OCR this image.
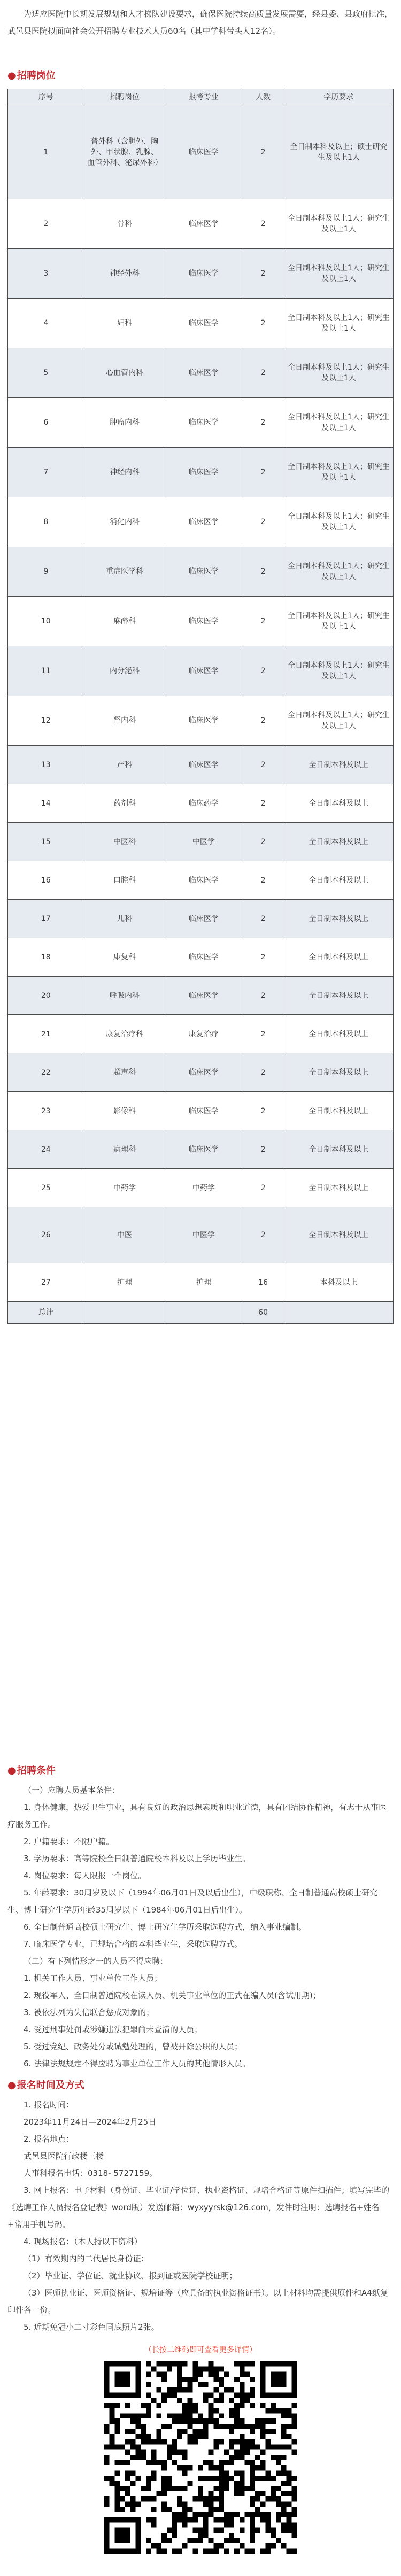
为适应医院中长期发展规划和人才梯队建设要求，确保医院持续高质量发展需要，经县委、县政府批准，武邑县医院拟面向社会公开招聘专业技术人员60名（其中学科带头人12名）。
● 招聘岗位
序号	招聘岗位	报考专业	人数	学历要求
1	普外科（含胆外、胸外、甲状腺、乳腺、血管外科、泌尿外科）	临床医学	2	全日制本科及以上；硕士研究生及以上1人
2	骨科	临床医学	2	全日制本科及以上1人；研究生及以上1人
3	神经外科	临床医学	2	全日制本科及以上1人；研究生及以上1人
4	妇科	临床医学	2	全日制本科及以上1人；研究生及以上1人
5	心血管内科	临床医学	2	全日制本科及以上1人；研究生及以上1人
6	肿瘤内科	临床医学	2	全日制本科及以上1人；研究生及以上1人
7	神经内科	临床医学	2	全日制本科及以上1人；研究生及以上1人
8	消化内科	临床医学	2	全日制本科及以上1人；研究生及以上1人
9	重症医学科	临床医学	2	全日制本科及以上1人；研究生及以上1人
10	麻醉科	临床医学	2	全日制本科及以上1人；研究生及以上1人
11	内分泌科	临床医学	2	全日制本科及以上1人；研究生及以上1人
12	肾内科	临床医学	2	全日制本科及以上1人；研究生及以上1人
13	产科	临床医学	2	全日制本科及以上
14	药剂科	临床药学	2	全日制本科及以上
15	中医科	中医学	2	全日制本科及以上
16	口腔科	临床医学	2	全日制本科及以上
17	儿科	临床医学	2	全日制本科及以上
18	康复科	临床医学	2	全日制本科及以上
20	呼吸内科	临床医学	2	全日制本科及以上
21	康复治疗科	康复治疗	2	全日制本科及以上
22	超声科	临床医学	2	全日制本科及以上
23	影像科	临床医学	2	全日制本科及以上
24	病理科	临床医学	2	全日制本科及以上
25	中药学	中药学	2	全日制本科及以上
26	中医	中医学	2	全日制本科及以上
27	护理	护理	16	本科及以上
总计			60	
● 招聘条件

（一）应聘人员基本条件：

1. 身体健康，热爱卫生事业，具有良好的政治思想素质和职业道德，具有团结协作精神，有志于从事医疗服务工作。

2. 户籍要求：不限户籍。

3. 学历要求：高等院校全日制普通院校本科及以上学历毕业生。

4. 岗位要求：每人限报一个岗位。

5. 年龄要求：30周岁及以下（1994年06月01日及以后出生），中级职称、全日制普通高校硕士研究生、博士研究生学历年龄35周岁以下（1984年06月01日后出生）。

6. 全日制普通高校硕士研究生、博士研究生学历采取选聘方式，纳入事业编制。

7. 临床医学专业，已规培合格的本科毕业生，采取选聘方式。

（二）有下列情形之一的人员不得应聘：

1. 机关工作人员、事业单位工作人员；

2. 现役军人、全日制普通院校在读人员、机关事业单位的正式在编人员(含试用期)；

3. 被依法列为失信联合惩戒对象的；

4. 受过刑事处罚或涉嫌违法犯罪尚未查清的人员；

5. 受过党纪、政务处分或诫勉处理的，曾被开除公职的人员；

6. 法律法规规定不得应聘为事业单位工作人员的其他情形人员。

● 报名时间及方式

1. 报名时间：

2023年11月24日—2024年2月25日

2. 报名地点：

武邑县医院行政楼三楼

人事科报名电话：0318- 5727159。

3. 网上报名：电子材料（身份证、毕业证/学位证、执业资格证、规培合格证等原件扫描件；填写完毕的《选聘工作人员报名登记表》word版）发送邮箱：wyxyyrsk@126.com，发件时注明：选聘报名+姓名+常用手机号码。

4. 现场报名：（本人持以下资料）

（1）有效期内的二代居民身份证；

（2）毕业证、学位证、就业协议、报到证或医院学校证明；

（3）医师执业证、医师资格证、规培证等（应具备的执业资格证书）。以上材料均需提供原件和A4纸复印件各一份。

5. 近期免冠小二寸彩色同底照片2张。

（长按二维码即可查看更多详情）
